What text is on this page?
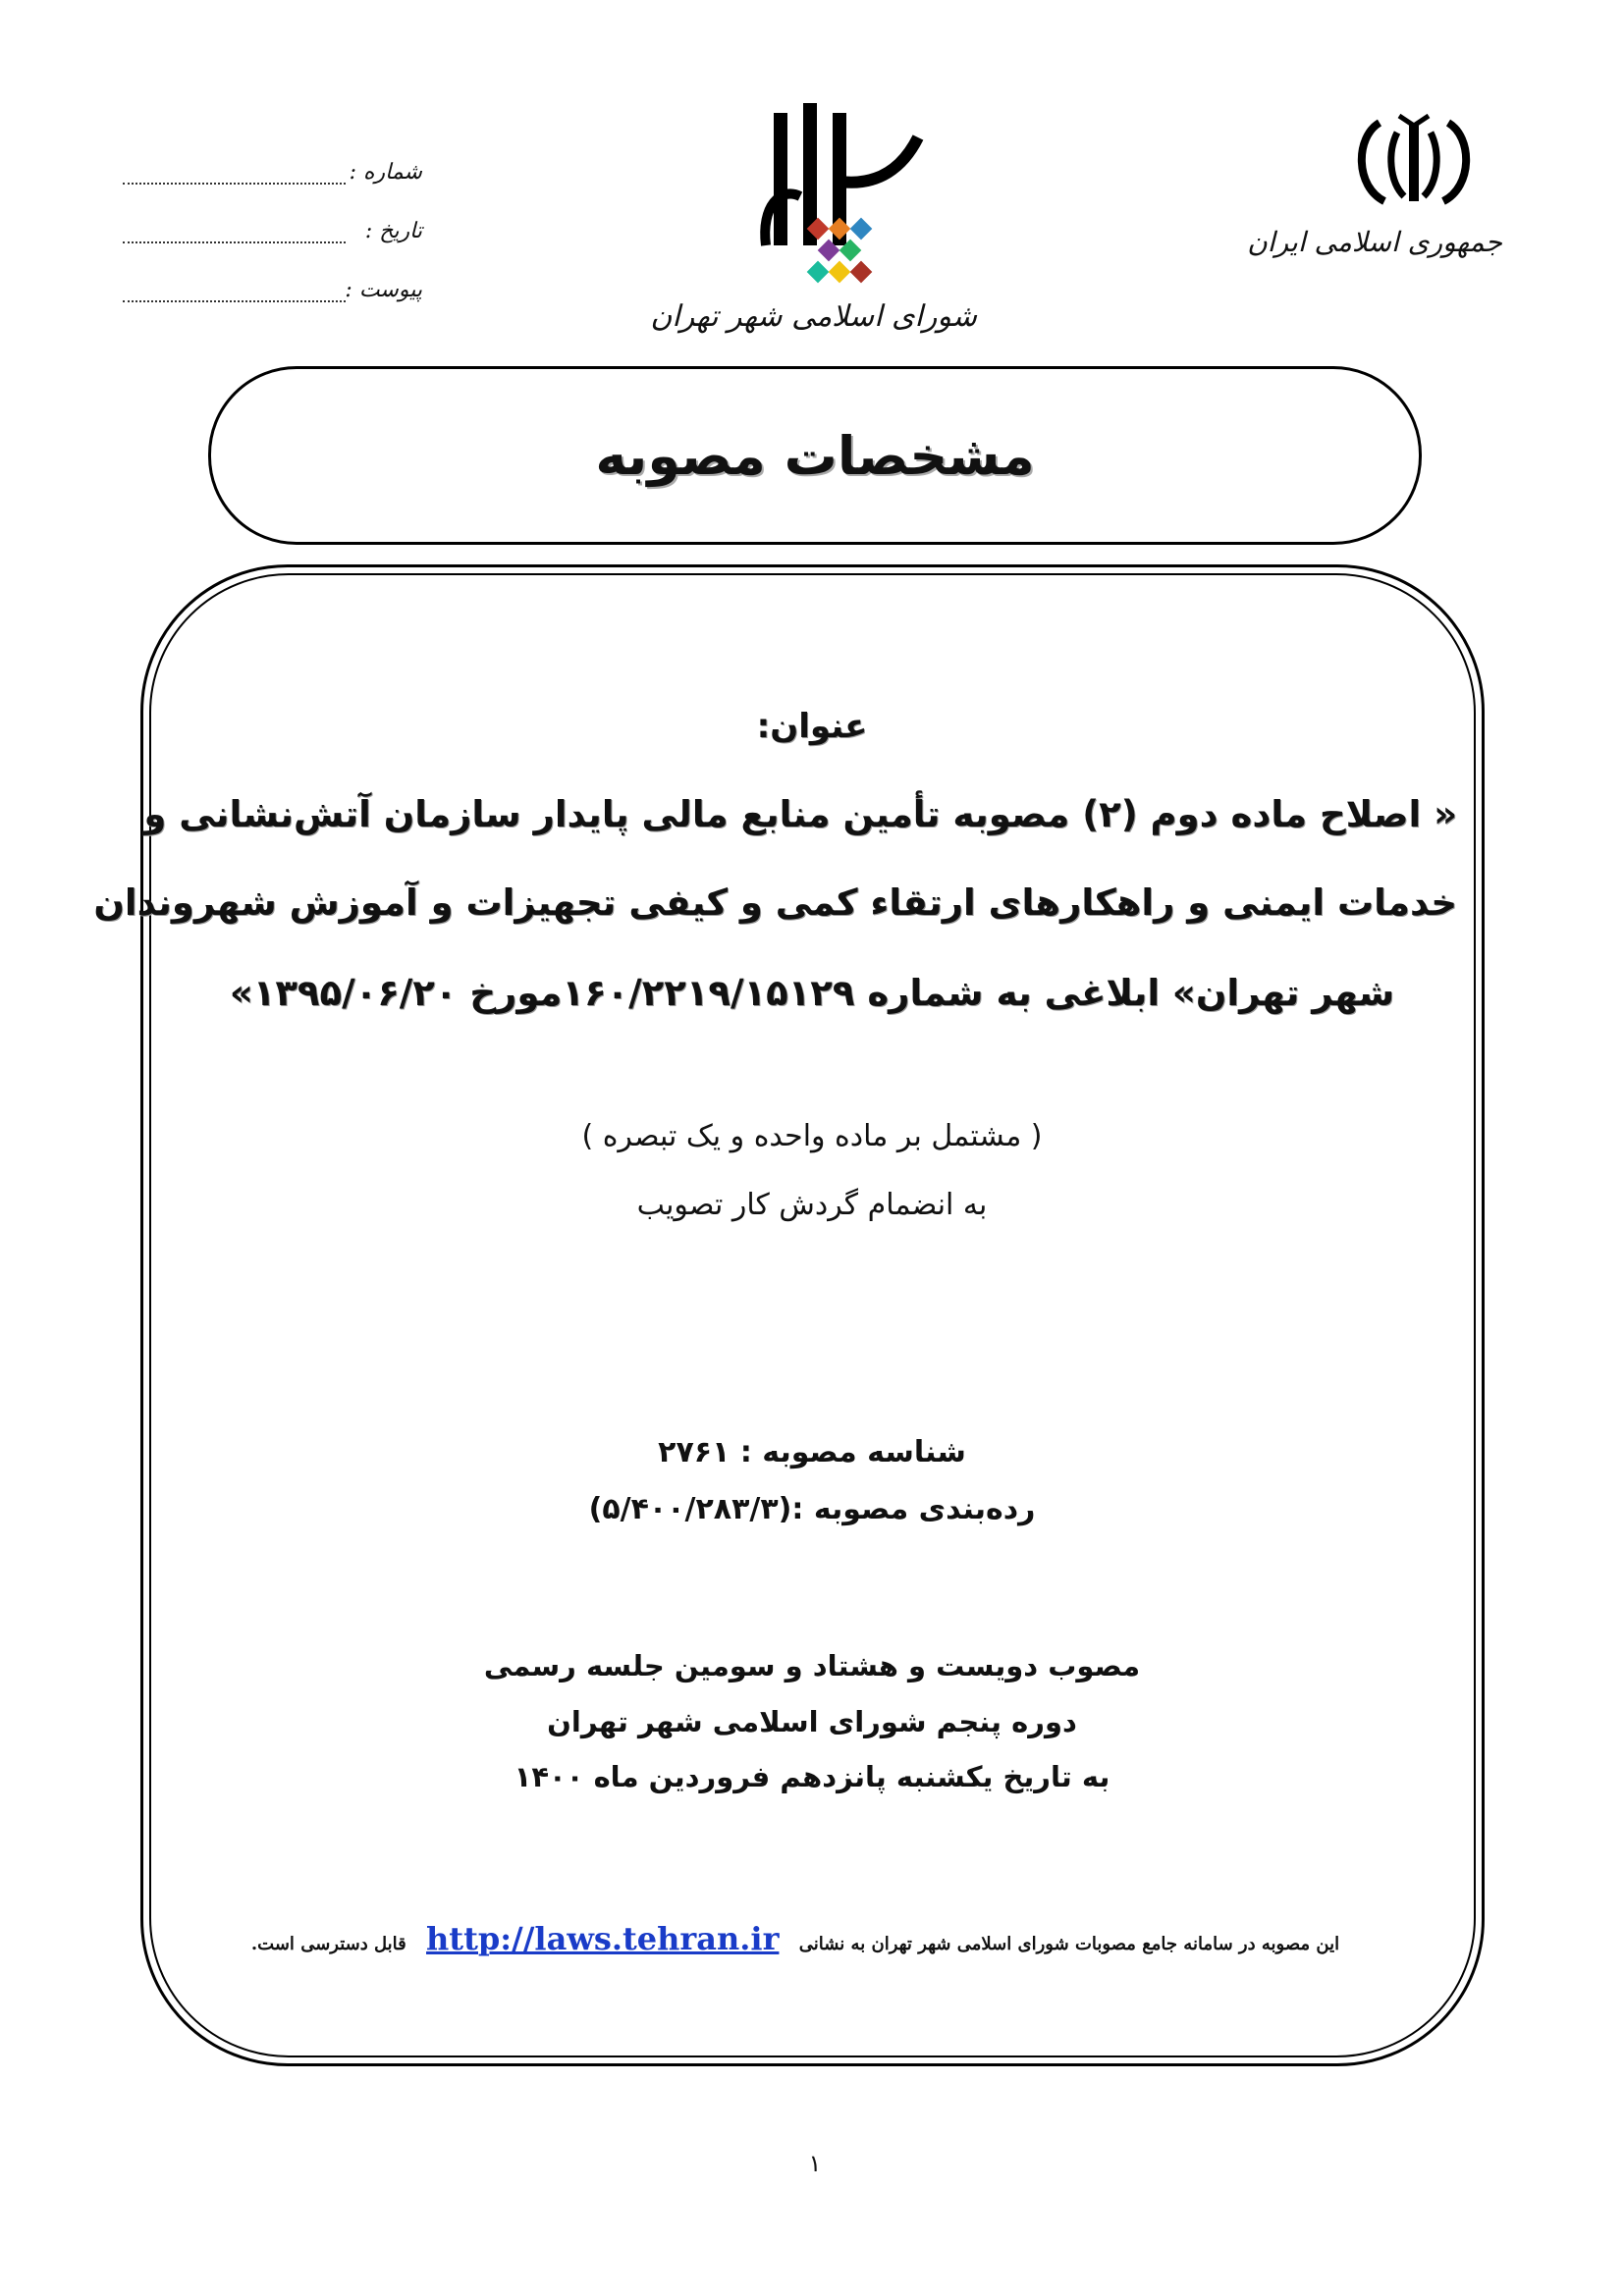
جمهوری اسلامی ایران
شورای اسلامی شهر تهران
شماره :
تاریخ :
پیوست :
مشخصات مصوبه
عنوان:
« اصلاح ماده دوم (۲) مصوبه تأمین منابع مالی پایدار سازمان آتش‌نشانی و
خدمات ایمنی و راهکارهای ارتقاء کمی و کیفی تجهیزات و آموزش شهروندان
شهر تهران» ابلاغی به شماره ۱۶۰/۲۲۱۹/۱۵۱۲۹مورخ ۱۳۹۵/۰۶/۲۰»
( مشتمل بر ماده واحده و یک تبصره )
به انضمام گردش کار تصویب
شناسه مصوبه : ۲۷۶۱
رده‌بندی مصوبه :(۵/۴۰۰/۲۸۳/۳)
مصوب دویست و هشتاد و سومین جلسه رسمی
دوره پنجم شورای اسلامی شهر تهران
به تاریخ یکشنبه پانزدهم فروردین ماه ۱۴۰۰
این مصوبه در سامانه جامع مصوبات شورای اسلامی شهر تهران به نشانی http://laws.tehran.ir قابل دسترسی است.
۱
